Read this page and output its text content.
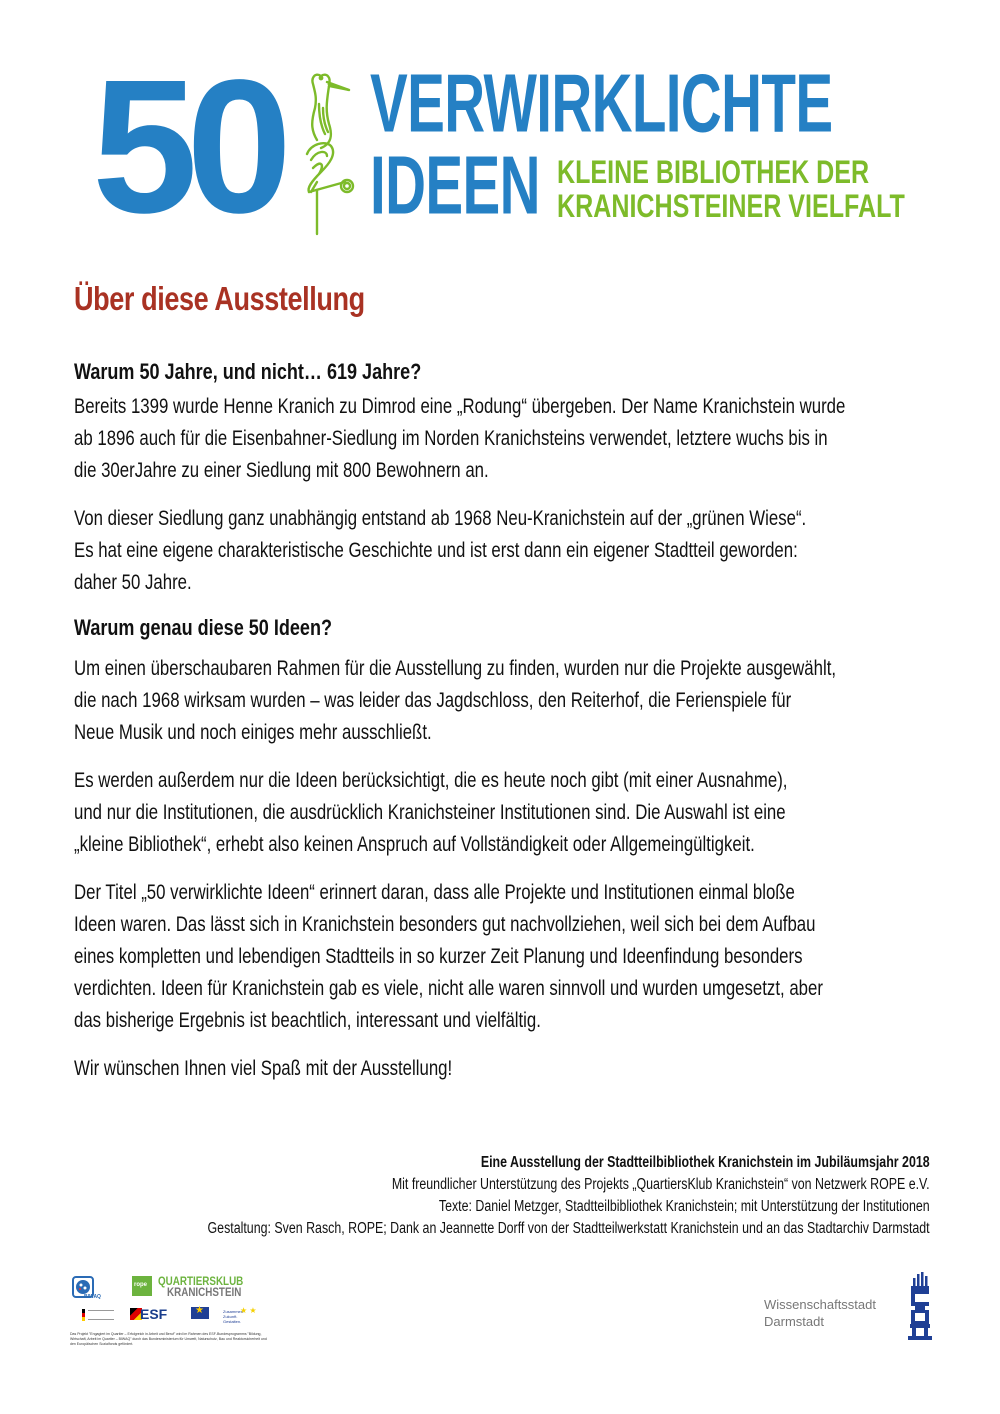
50 VERWIRKLICHTE
IDEEN KLEINE BIBLIOTHEK DER
KRANICHSTEINER VIELFALT
Über diese Ausstellung
Warum 50 Jahre, und nicht… 619 Jahre?
Bereits 1399 wurde Henne Kranich zu Dimrod eine „Rodung“ übergeben. Der Name Kranichstein wurde
ab 1896 auch für die Eisenbahner-Siedlung im Norden Kranichsteins verwendet, letztere wuchs bis in
die 30erJahre zu einer Siedlung mit 800 Bewohnern an.
Von dieser Siedlung ganz unabhängig entstand ab 1968 Neu-Kranichstein auf der „grünen Wiese“.
Es hat eine eigene charakteristische Geschichte und ist erst dann ein eigener Stadtteil geworden:
daher 50 Jahre.
Warum genau diese 50 Ideen?
Um einen überschaubaren Rahmen für die Ausstellung zu finden, wurden nur die Projekte ausgewählt,
die nach 1968 wirksam wurden – was leider das Jagdschloss, den Reiterhof, die Ferienspiele für
Neue Musik und noch einiges mehr ausschließt.
Es werden außerdem nur die Ideen berücksichtigt, die es heute noch gibt (mit einer Ausnahme),
und nur die Institutionen, die ausdrücklich Kranichsteiner Institutionen sind. Die Auswahl ist eine
„kleine Bibliothek“, erhebt also keinen Anspruch auf Vollständigkeit oder Allgemeingültigkeit.
Der Titel „50 verwirklichte Ideen“ erinnert daran, dass alle Projekte und Institutionen einmal bloße
Ideen waren. Das lässt sich in Kranichstein besonders gut nachvollziehen, weil sich bei dem Aufbau
eines kompletten und lebendigen Stadtteils in so kurzer Zeit Planung und Ideenfindung besonders
verdichten. Ideen für Kranichstein gab es viele, nicht alle waren sinnvoll und wurden umgesetzt, aber
das bisherige Ergebnis ist beachtlich, interessant und vielfältig.
Wir wünschen Ihnen viel Spaß mit der Ausstellung!
Eine Ausstellung der Stadtteilbibliothek Kranichstein im Jubiläumsjahr 2018
Mit freundlicher Unterstützung des Projekts „QuartiersKlub Kranichstein“ von Netzwerk ROPE e.V.
Texte: Daniel Metzger, Stadtteilbibliothek Kranichstein; mit Unterstützung der Institutionen
Gestaltung: Sven Rasch, ROPE; Dank an Jeannette Dorff von der Stadtteilwerkstatt Kranichstein und an das Stadtarchiv Darmstadt
BIWAQ
rope QUARTIERSKLUB
KRANICHSTEIN
ESF ★	Zusammen. Zukunft. Gestalten.
★ ★
Das Projekt "Engagiert im Quartier – Erfolgreich in Arbeit und Beruf" wird im Rahmen des ESF-Bundesprogramms "Bildung, Wirtschaft, Arbeit im Quartier – BIWAQ" durch das Bundesministerium für Umwelt, Naturschutz, Bau und Reaktorsicherheit und den Europäischen Sozialfonds gefördert.
Wissenschaftsstadt
Darmstadt
